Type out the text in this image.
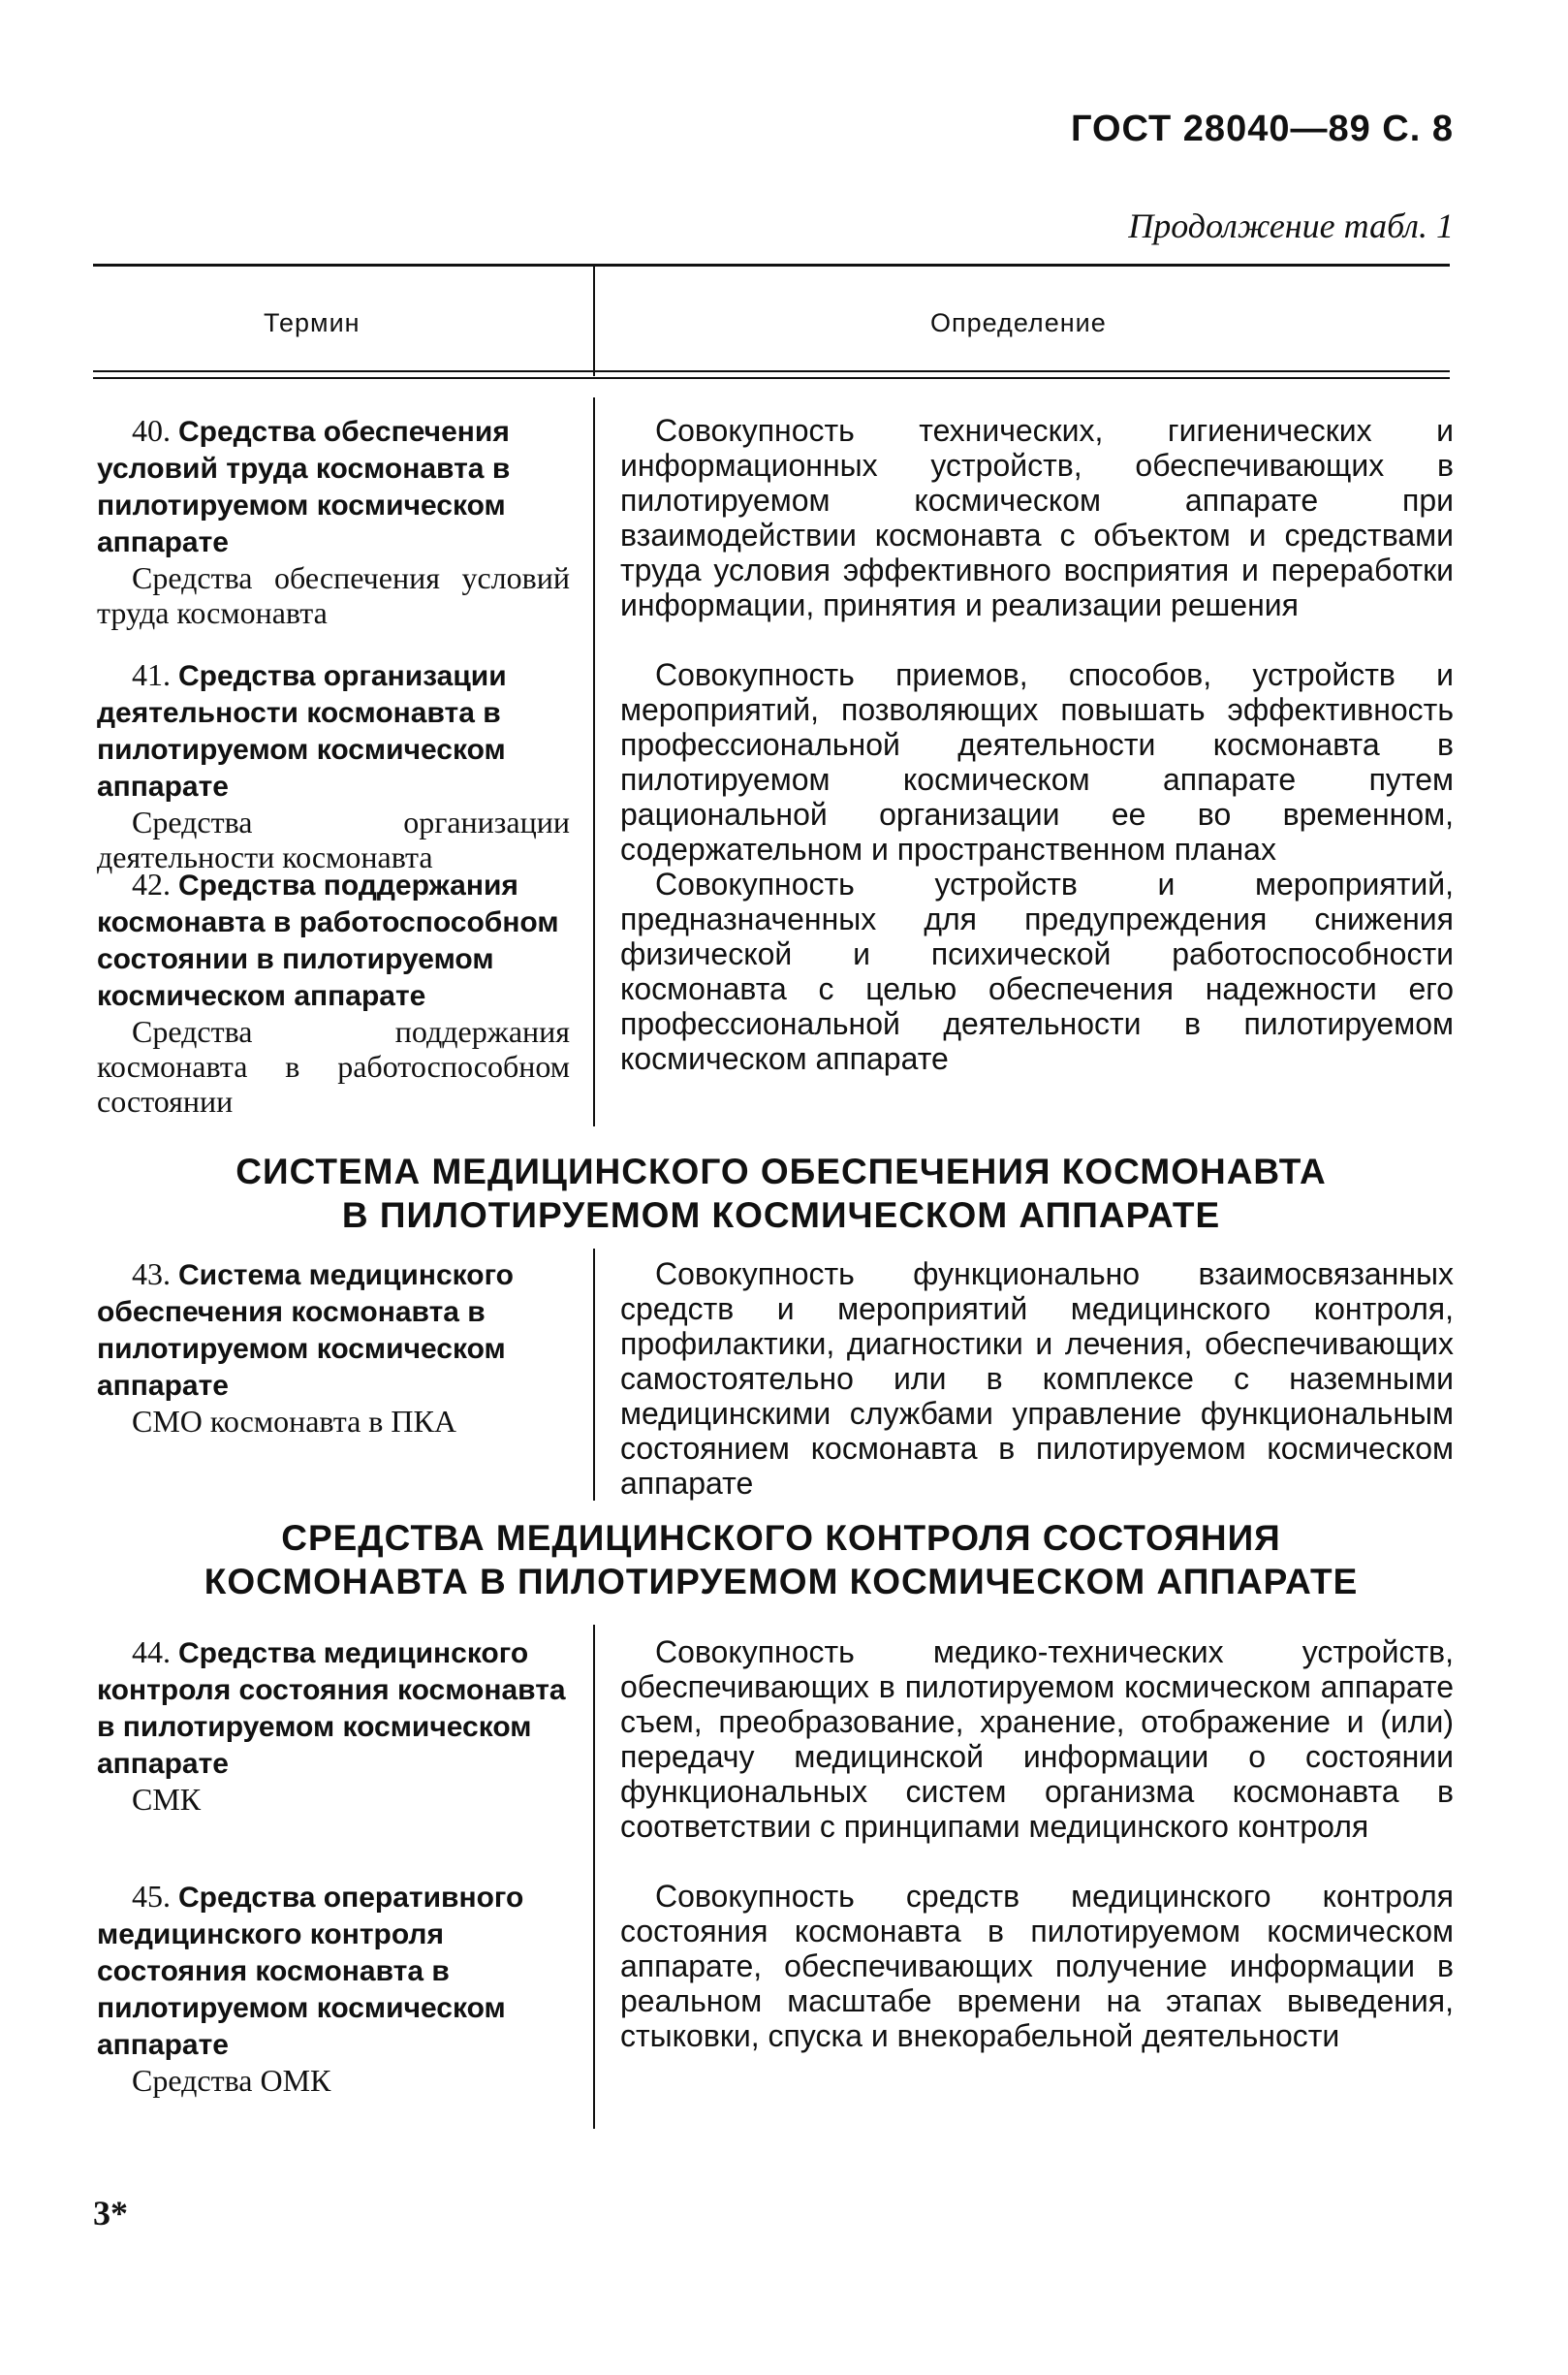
ГОСТ 28040—89 С. 8
Продолжение табл. 1
Термин	Определение
40. Средства обеспечения условий труда космонавта в пилотируемом космическом аппарате
Средства обеспечения условий труда космонавта
Совокупность технических, гигиенических и информационных устройств, обеспечивающих в пилотируемом космическом аппарате при взаимодействии космонавта с объектом и средствами труда условия эффективного восприятия и переработки информации, принятия и реализации решения
41. Средства организации деятельности космонавта в пилотируемом космическом аппарате
Средства организации деятельности космонавта
Совокупность приемов, способов, устройств и мероприятий, позволяющих повышать эффективность профессиональной деятельности космонавта в пилотируемом космическом аппарате путем рациональной организации ее во временном, содержательном и пространственном планах
42. Средства поддержания космонавта в работоспособном состоянии в пилотируемом космическом аппарате
Средства поддержания космонавта в работоспособном состоянии
Совокупность устройств и мероприятий, предназначенных для предупреждения снижения физической и психической работоспособности космонавта с целью обеспечения надежности его профессиональной деятельности в пилотируемом космическом аппарате
СИСТЕМА МЕДИЦИНСКОГО ОБЕСПЕЧЕНИЯ КОСМОНАВТА
В ПИЛОТИРУЕМОМ КОСМИЧЕСКОМ АППАРАТЕ
43. Система медицинского обеспечения космонавта в пилотируемом космическом аппарате
СМО космонавта в ПКА
Совокупность функционально взаимосвязанных средств и мероприятий медицинского контроля, профилактики, диагностики и лечения, обеспечивающих самостоятельно или в комплексе с наземными медицинскими службами управление функциональным состоянием космонавта в пилотируемом космическом аппарате
СРЕДСТВА МЕДИЦИНСКОГО КОНТРОЛЯ СОСТОЯНИЯ
КОСМОНАВТА В ПИЛОТИРУЕМОМ КОСМИЧЕСКОМ АППАРАТЕ
44. Средства медицинского контроля состояния космонавта в пилотируемом космическом аппарате
СМК
Совокупность медико-технических устройств, обеспечивающих в пилотируемом космическом аппарате съем, преобразование, хранение, отображение и (или) передачу медицинской информации о состоянии функциональных систем организма космонавта в соответствии с принципами медицинского контроля
45. Средства оперативного медицинского контроля состояния космонавта в пилотируемом космическом аппарате
Средства ОМК
Совокупность средств медицинского контроля состояния космонавта в пилотируемом космическом аппарате, обеспечивающих получение информации в реальном масштабе времени на этапах выведения, стыковки, спуска и внекорабельной деятельности
3*
